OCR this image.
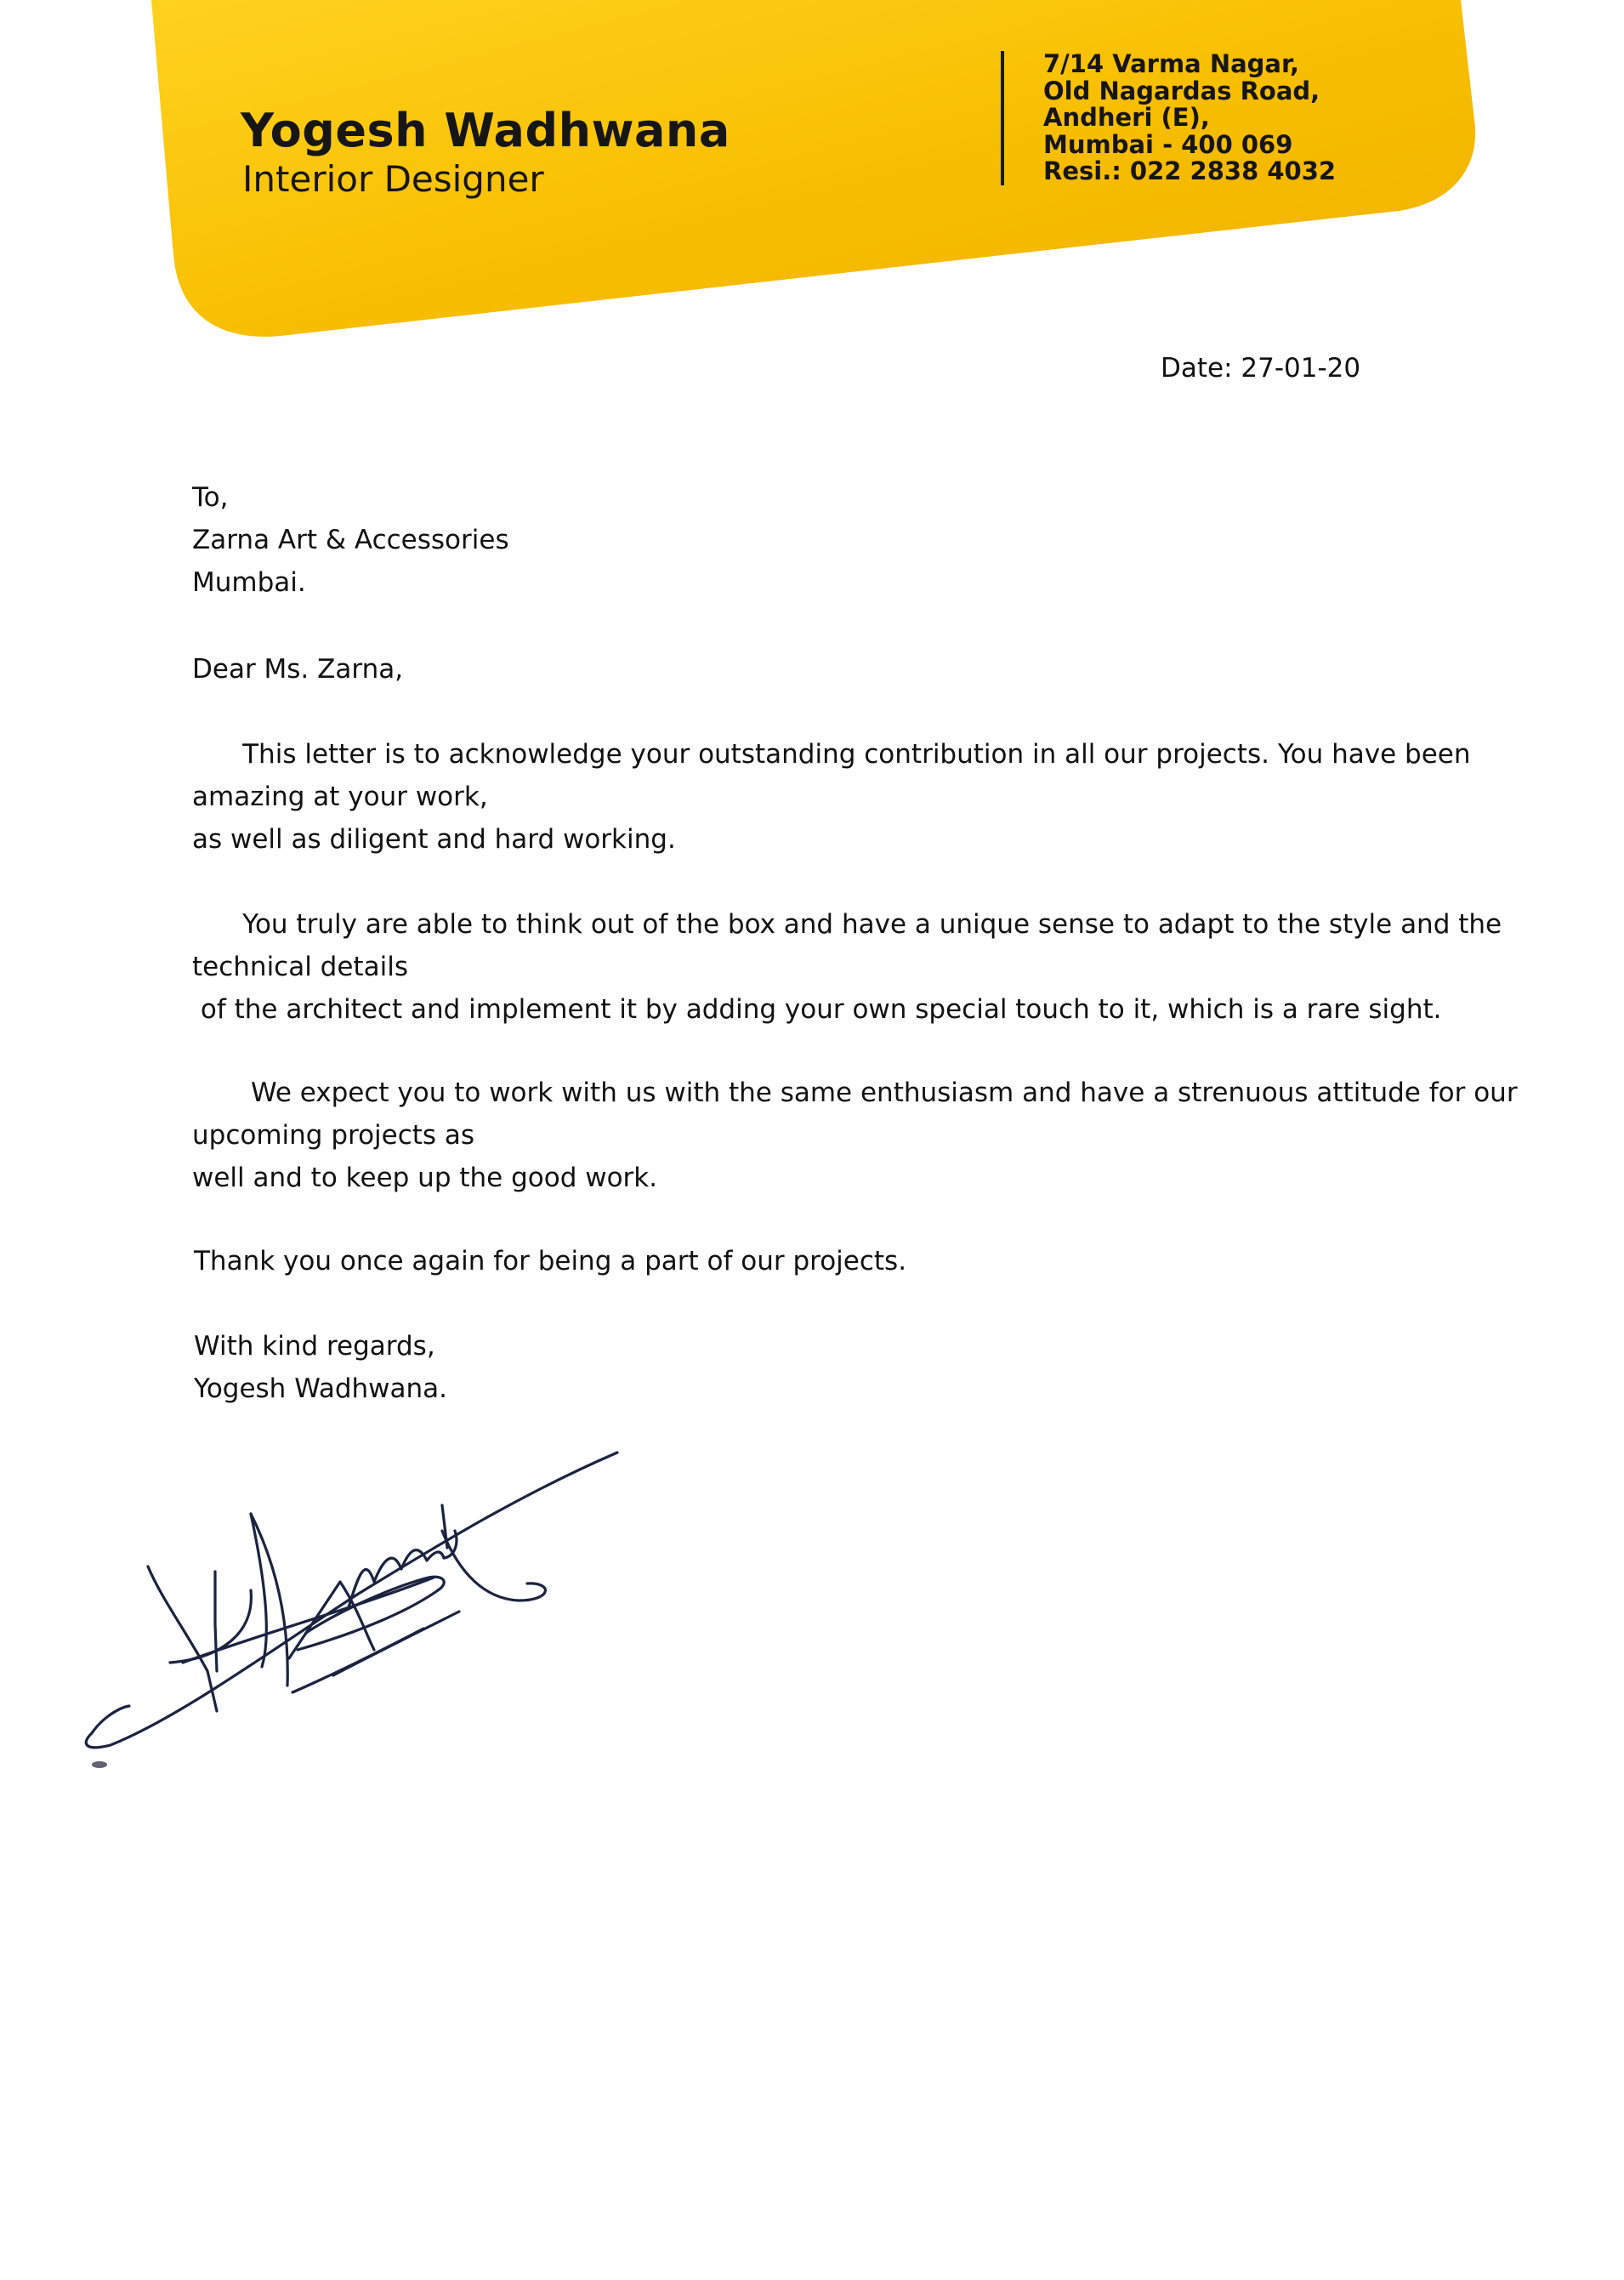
Yogesh Wadhwana
Interior Designer
7/14 Varma Nagar,
Old Nagardas Road,
Andheri (E),
Mumbai - 400 069
Resi.: 022 2838 4032
Date: 27-01-20
To,
Zarna Art & Accessories
Mumbai.
Dear Ms. Zarna,
This letter is to acknowledge your outstanding contribution in all our projects. You have been
amazing at your work,
as well as diligent and hard working.
You truly are able to think out of the box and have a unique sense to adapt to the style and the
technical details
of the architect and implement it by adding your own special touch to it, which is a rare sight.
We expect you to work with us with the same enthusiasm and have a strenuous attitude for our
upcoming projects as
well and to keep up the good work.
Thank you once again for being a part of our projects.
With kind regards,
Yogesh Wadhwana.
